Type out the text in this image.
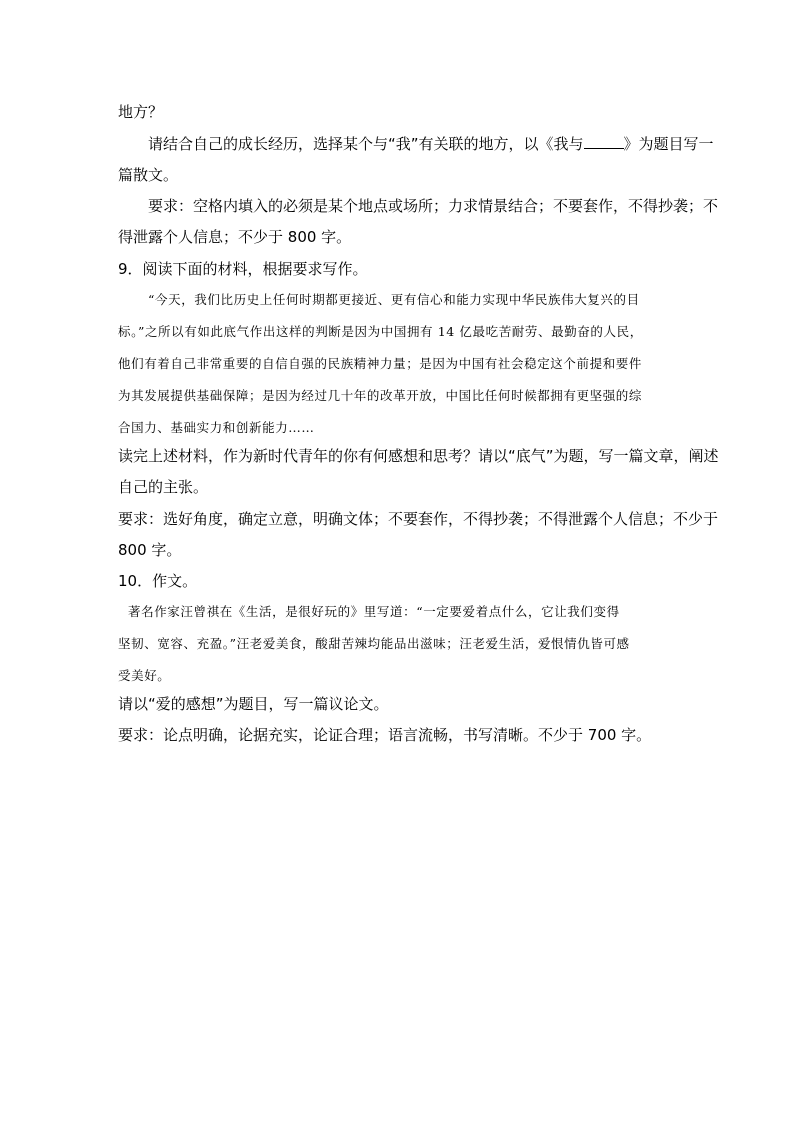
地方？
请结合自己的成长经历，选择某个与“我”有关联的地方，以《我与	》为题目写一
篇散文。
要求：空格内填入的必须是某个地点或场所；力求情景结合；不要套作，不得抄袭；不
得泄露个人信息；不少于 800 字。
9．阅读下面的材料，根据要求写作。
“今天，我们比历史上任何时期都更接近、更有信心和能力实现中华民族伟大复兴的目
标。”之所以有如此底气作出这样的判断是因为中国拥有 14 亿最吃苦耐劳、最勤奋的人民，
他们有着自己非常重要的自信自强的民族精神力量；是因为中国有社会稳定这个前提和要件
为其发展提供基础保障；是因为经过几十年的改革开放，中国比任何时候都拥有更坚强的综
合国力、基础实力和创新能力……
读完上述材料，作为新时代青年的你有何感想和思考？请以“底气”为题，写一篇文章，阐述
自己的主张。
要求：选好角度，确定立意，明确文体；不要套作，不得抄袭；不得泄露个人信息；不少于
800 字。
10．作文。
著名作家汪曾祺在《生活，是很好玩的》里写道：“一定要爱着点什么，它让我们变得
坚韧、宽容、充盈。”汪老爱美食，酸甜苦辣均能品出滋味；汪老爱生活，爱恨情仇皆可感
受美好。
请以“爱的感想”为题目，写一篇议论文。
要求：论点明确，论据充实，论证合理；语言流畅，书写清晰。不少于 700 字。
